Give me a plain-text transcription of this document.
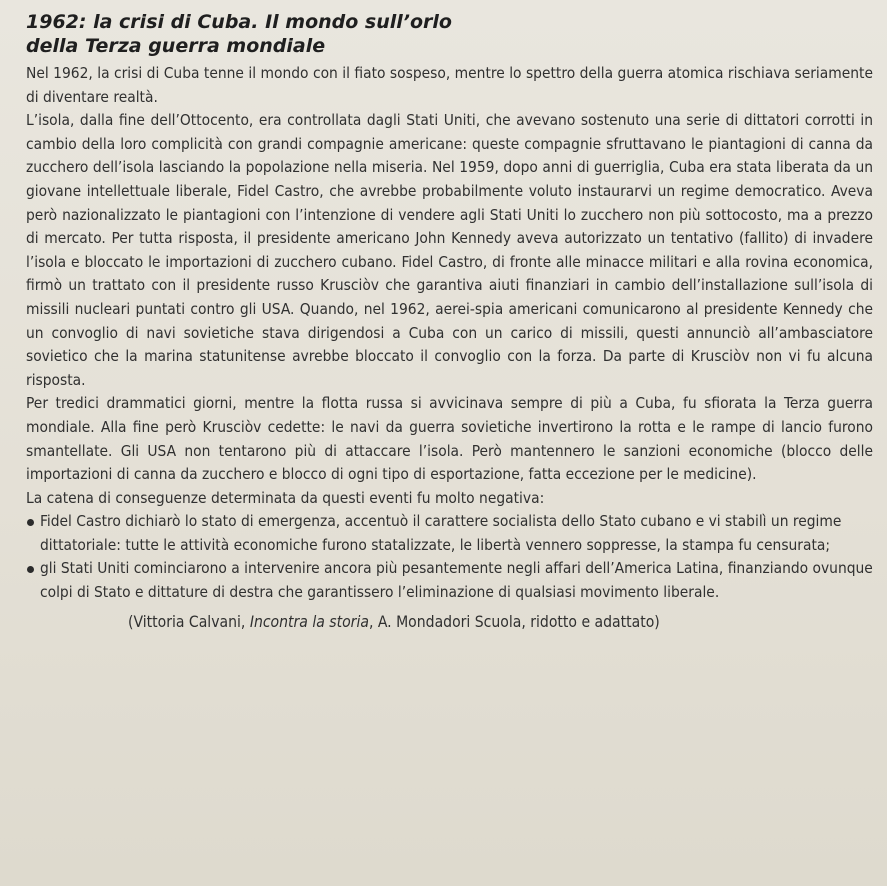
1962: la crisi di Cuba. Il mondo sull’orlo
della Terza guerra mondiale

Nel 1962, la crisi di Cuba tenne il mondo con il fiato sospeso, mentre lo spettro della guerra atomica rischiava seriamente di diventare realtà.

L’isola, dalla fine dell’Ottocento, era controllata dagli Stati Uniti, che avevano sostenuto una serie di dittatori corrotti in cambio della loro complicità con grandi compagnie americane: queste compagnie sfruttavano le piantagioni di canna da zucchero dell’isola lasciando la popolazione nella miseria. Nel 1959, dopo anni di guerriglia, Cuba era stata liberata da un giovane intellettuale liberale, Fidel Castro, che avrebbe probabilmente voluto instaurarvi un regime democratico. Aveva però nazionalizzato le piantagioni con l’intenzione di vendere agli Stati Uniti lo zucchero non più sottocosto, ma a prezzo di mercato. Per tutta risposta, il presidente americano John Kennedy aveva autorizzato un tentativo (fallito) di invadere l’isola e bloccato le importazioni di zucchero cubano. Fidel Castro, di fronte alle minacce militari e alla rovina economica, firmò un trattato con il presidente russo Krusciòv che garantiva aiuti finanziari in cambio dell’installazione sull’isola di missili nucleari puntati contro gli USA. Quando, nel 1962, aerei-spia americani comunicarono al presidente Kennedy che un convoglio di navi sovietiche stava dirigendosi a Cuba con un carico di missili, questi annunciò all’ambasciatore sovietico che la marina statunitense avrebbe bloccato il convoglio con la forza. Da parte di Krusciòv non vi fu alcuna risposta.

Per tredici drammatici giorni, mentre la flotta russa si avvicinava sempre di più a Cuba, fu sfiorata la Terza guerra mondiale. Alla fine però Krusciòv cedette: le navi da guerra sovietiche invertirono la rotta e le rampe di lancio furono smantellate. Gli USA non tentarono più di attaccare l’isola. Però mantennero le sanzioni economiche (blocco delle importazioni di canna da zucchero e blocco di ogni tipo di esportazione, fatta eccezione per le medicine).

La catena di conseguenze determinata da questi eventi fu molto negativa:

Fidel Castro dichiarò lo stato di emergenza, accentuò il carattere socialista dello Stato cubano e vi stabilì un regime dittatoriale: tutte le attività economiche furono statalizzate, le libertà vennero soppresse, la stampa fu censurata;
gli Stati Uniti cominciarono a intervenire ancora più pesantemente negli affari dell’America Latina, finanziando ovunque colpi di Stato e dittature di destra che garantissero l’eliminazione di qualsiasi movimento liberale.

(Vittoria Calvani, Incontra la storia, A. Mondadori Scuola, ridotto e adattato)
